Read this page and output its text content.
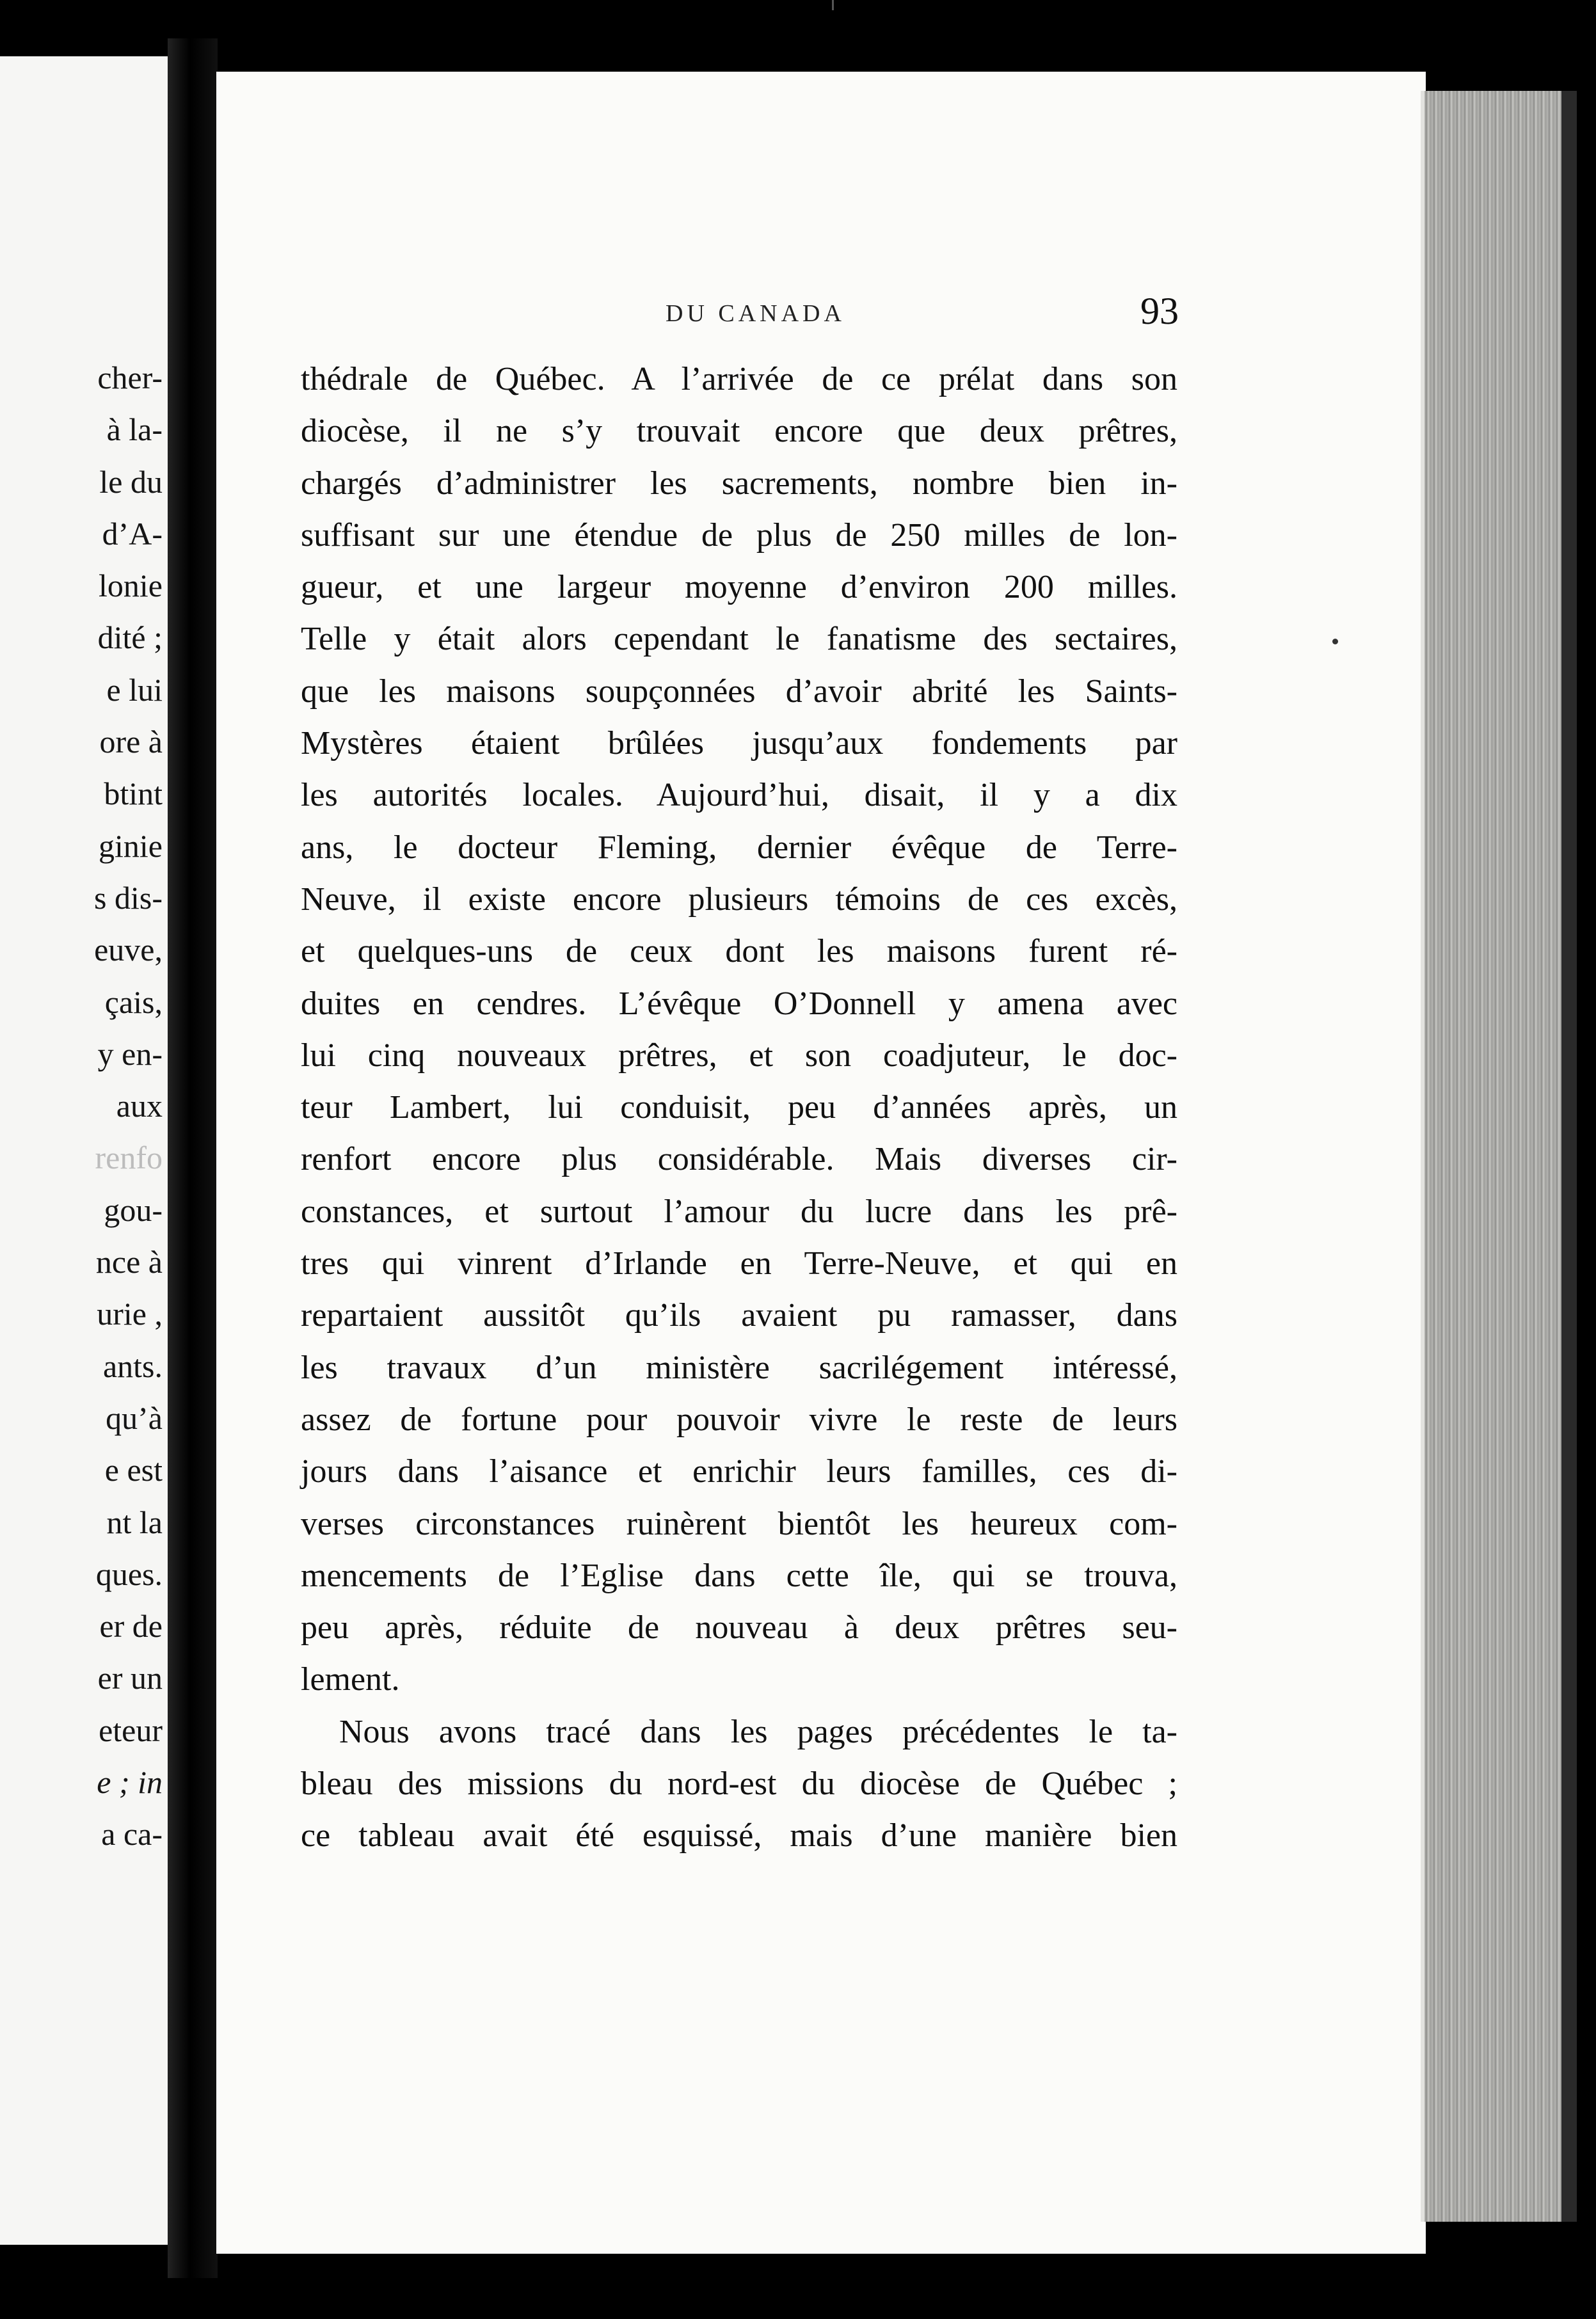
cher-
à la-
le du
d’A-
lonie
dité ;
e lui
ore à
btint
ginie
s dis-
euve,
çais,
y en-
aux
renfo
gou-
nce à
urie ,
ants.
qu’à
e est
nt la
ques.
er de
er un
eteur
e ; in
a ca-
DU CANADA	93
thédrale de Québec. A l’arrivée de ce prélat dans son
diocèse, il ne s’y trouvait encore que deux prêtres,
chargés d’administrer les sacrements, nombre bien in-
suffisant sur une étendue de plus de 250 milles de lon-
gueur, et une largeur moyenne d’environ 200 milles.
Telle y était alors cependant le fanatisme des sectaires,
que les maisons soupçonnées d’avoir abrité les Saints-
Mystères étaient brûlées jusqu’aux fondements par
les autorités locales. Aujourd’hui, disait, il y a dix
ans, le docteur Fleming, dernier évêque de Terre-
Neuve, il existe encore plusieurs témoins de ces excès,
et quelques-uns de ceux dont les maisons furent ré-
duites en cendres. L’évêque O’Donnell y amena avec
lui cinq nouveaux prêtres, et son coadjuteur, le doc-
teur Lambert, lui conduisit, peu d’années après, un
renfort encore plus considérable. Mais diverses cir-
constances, et surtout l’amour du lucre dans les prê-
tres qui vinrent d’Irlande en Terre-Neuve, et qui en
repartaient aussitôt qu’ils avaient pu ramasser, dans
les travaux d’un ministère sacrilégement intéressé,
assez de fortune pour pouvoir vivre le reste de leurs
jours dans l’aisance et enrichir leurs familles, ces di-
verses circonstances ruinèrent bientôt les heureux com-
mencements de l’Eglise dans cette île, qui se trouva,
peu après, réduite de nouveau à deux prêtres seu-
lement.
Nous avons tracé dans les pages précédentes le ta-
bleau des missions du nord-est du diocèse de Québec ;
ce tableau avait été esquissé, mais d’une manière bien
